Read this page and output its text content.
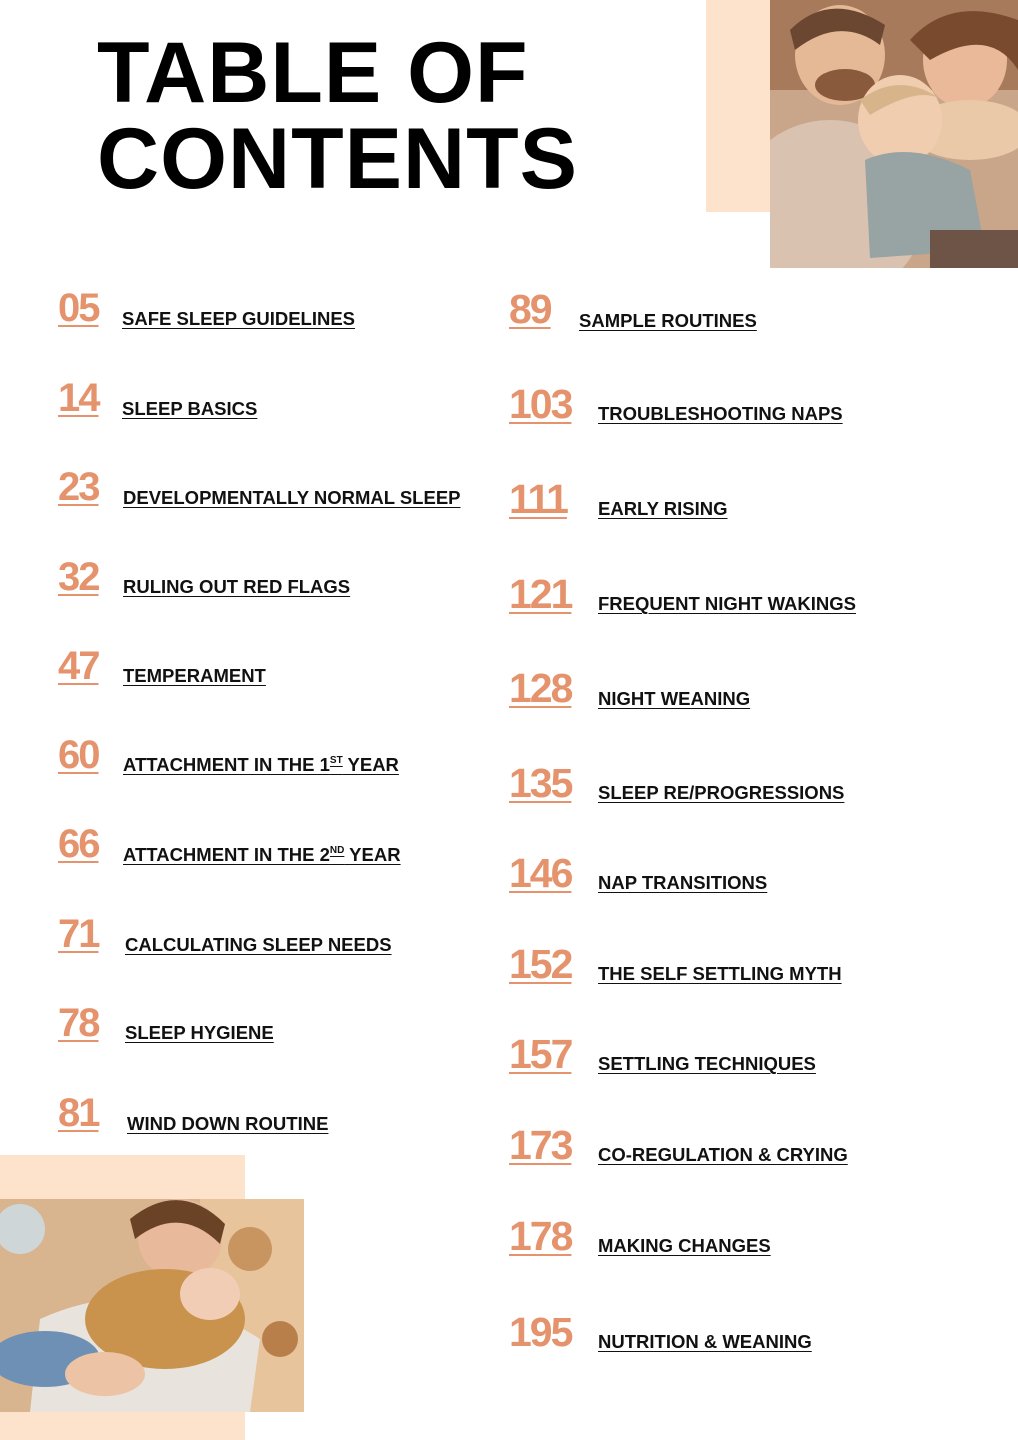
TABLE OF
CONTENTS
05 SAFE SLEEP GUIDELINES
14 SLEEP BASICS
23 DEVELOPMENTALLY NORMAL SLEEP
32 RULING OUT RED FLAGS
47 TEMPERAMENT
60 ATTACHMENT IN THE 1ST YEAR
66 ATTACHMENT IN THE 2ND YEAR
71 CALCULATING SLEEP NEEDS
78 SLEEP HYGIENE
81 WIND DOWN ROUTINE
89 SAMPLE ROUTINES
103 TROUBLESHOOTING NAPS
111 EARLY RISING
121 FREQUENT NIGHT WAKINGS
128 NIGHT WEANING
135 SLEEP RE/PROGRESSIONS
146 NAP TRANSITIONS
152 THE SELF SETTLING MYTH
157 SETTLING TECHNIQUES
173 CO-REGULATION & CRYING
178 MAKING CHANGES
195 NUTRITION & WEANING
